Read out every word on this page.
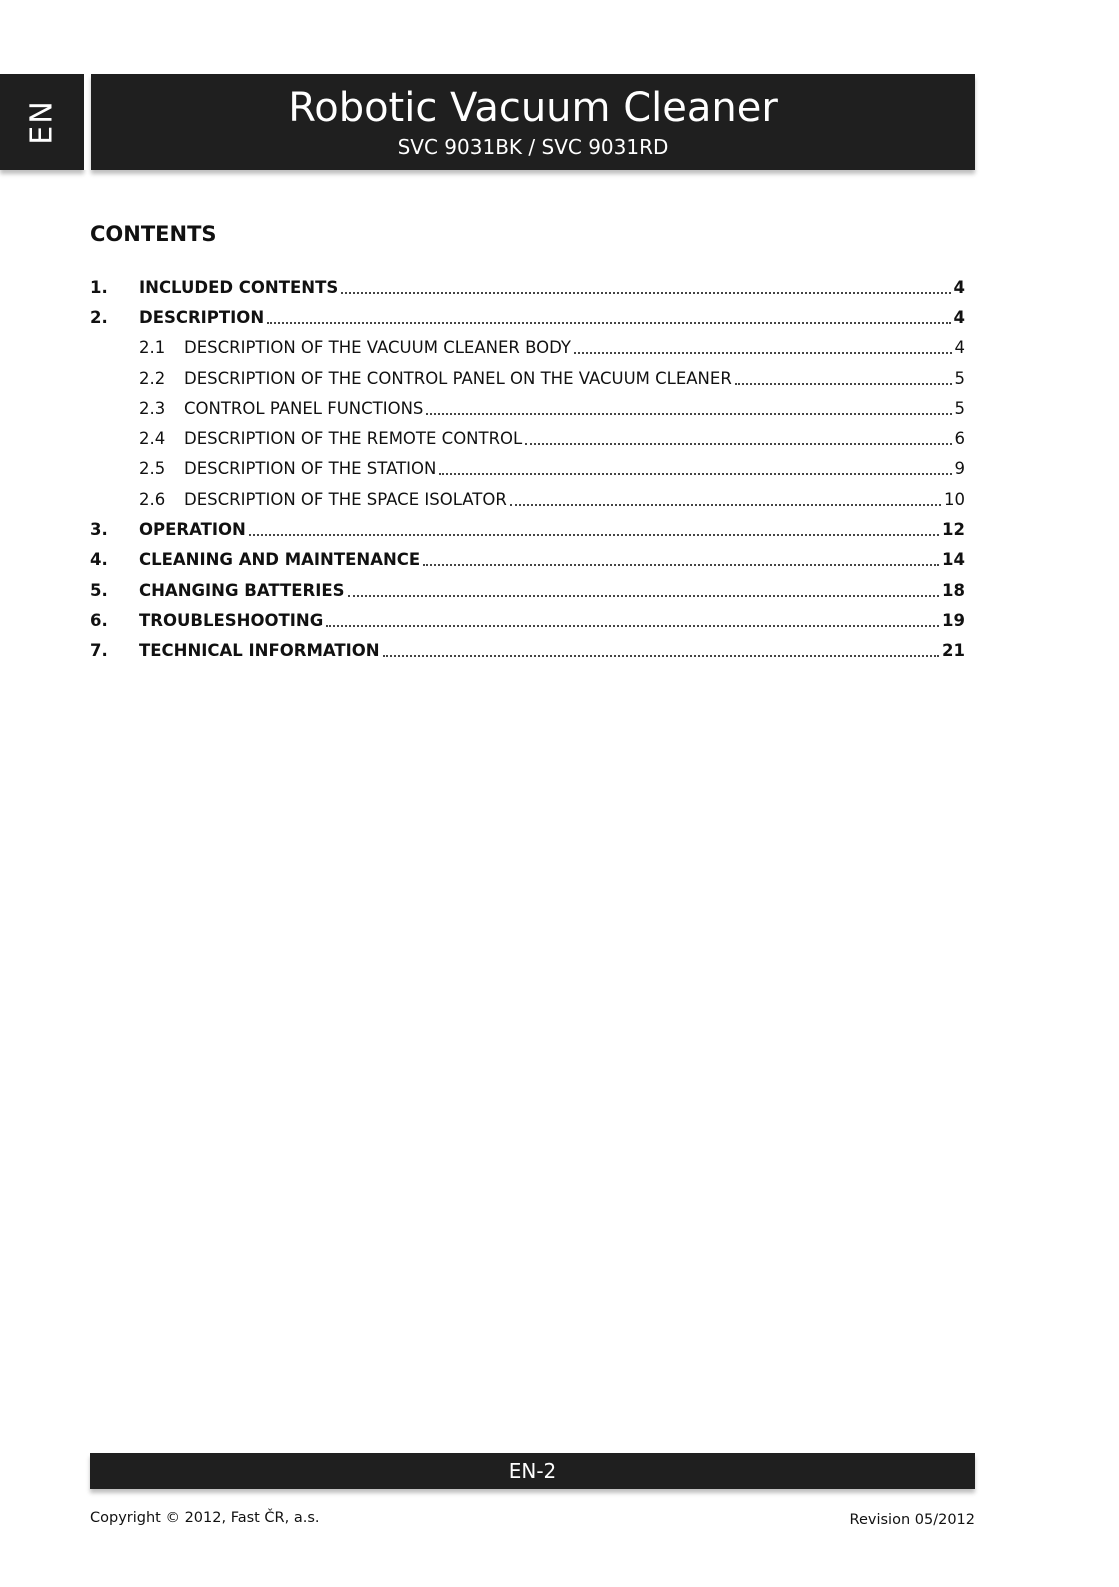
EN	Robotic Vacuum Cleaner
SVC 9031BK / SVC 9031RD
CONTENTS
1.	INCLUDED CONTENTS	4
2.	DESCRIPTION	4
2.1	DESCRIPTION OF THE VACUUM CLEANER BODY	4
2.2	DESCRIPTION OF THE CONTROL PANEL ON THE VACUUM CLEANER	5
2.3	CONTROL PANEL FUNCTIONS	5
2.4	DESCRIPTION OF THE REMOTE CONTROL	6
2.5	DESCRIPTION OF THE STATION	9
2.6	DESCRIPTION OF THE SPACE ISOLATOR	10
3.	OPERATION	12
4.	CLEANING AND MAINTENANCE	14
5.	CHANGING BATTERIES	18
6.	TROUBLESHOOTING	19
7.	TECHNICAL INFORMATION	21
EN-2
Copyright © 2012, Fast ČR, a.s.	Revision 05/2012
